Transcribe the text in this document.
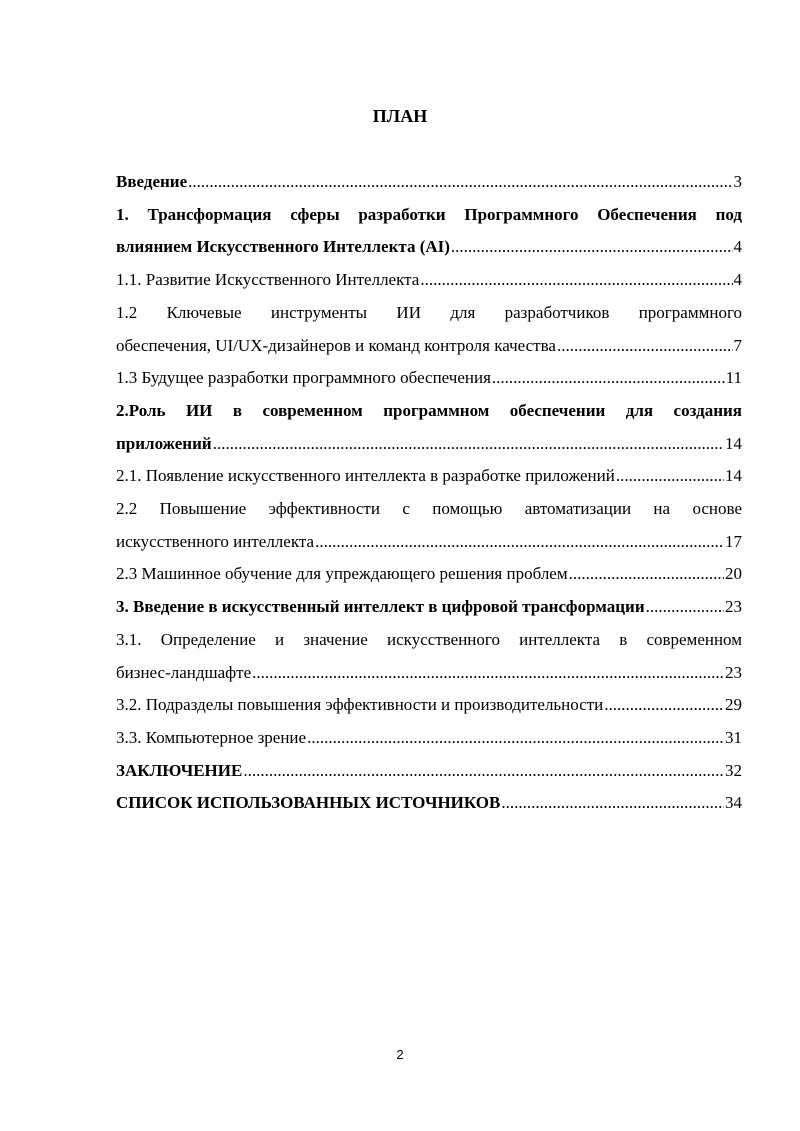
ПЛАН
Введение .....	3
1. Трансформация сферы разработки Программного Обеспечения под
влиянием Искусственного Интеллекта (AI) .....	4
1.1. Развитие Искусственного Интеллекта .....	4
1.2 Ключевые инструменты ИИ для разработчиков программного
обеспечения, UI/UX-дизайнеров и команд контроля качества .....	7
1.3 Будущее разработки программного обеспечения .....	11
2.Роль ИИ в современном программном обеспечении для создания
приложений .....	14
2.1. Появление искусственного интеллекта в разработке приложений .....	14
2.2 Повышение эффективности с помощью автоматизации на основе
искусственного интеллекта .....	17
2.3 Машинное обучение для упреждающего решения проблем .....	20
3. Введение в искусственный интеллект в цифровой трансформации .....	23
3.1. Определение и значение искусственного интеллекта в современном
бизнес-ландшафте .....	23
3.2. Подразделы повышения эффективности и производительности .....	29
3.3. Компьютерное зрение .....	31
ЗАКЛЮЧЕНИЕ .....	32
СПИСОК ИСПОЛЬЗОВАННЫХ ИСТОЧНИКОВ .....	34
2
